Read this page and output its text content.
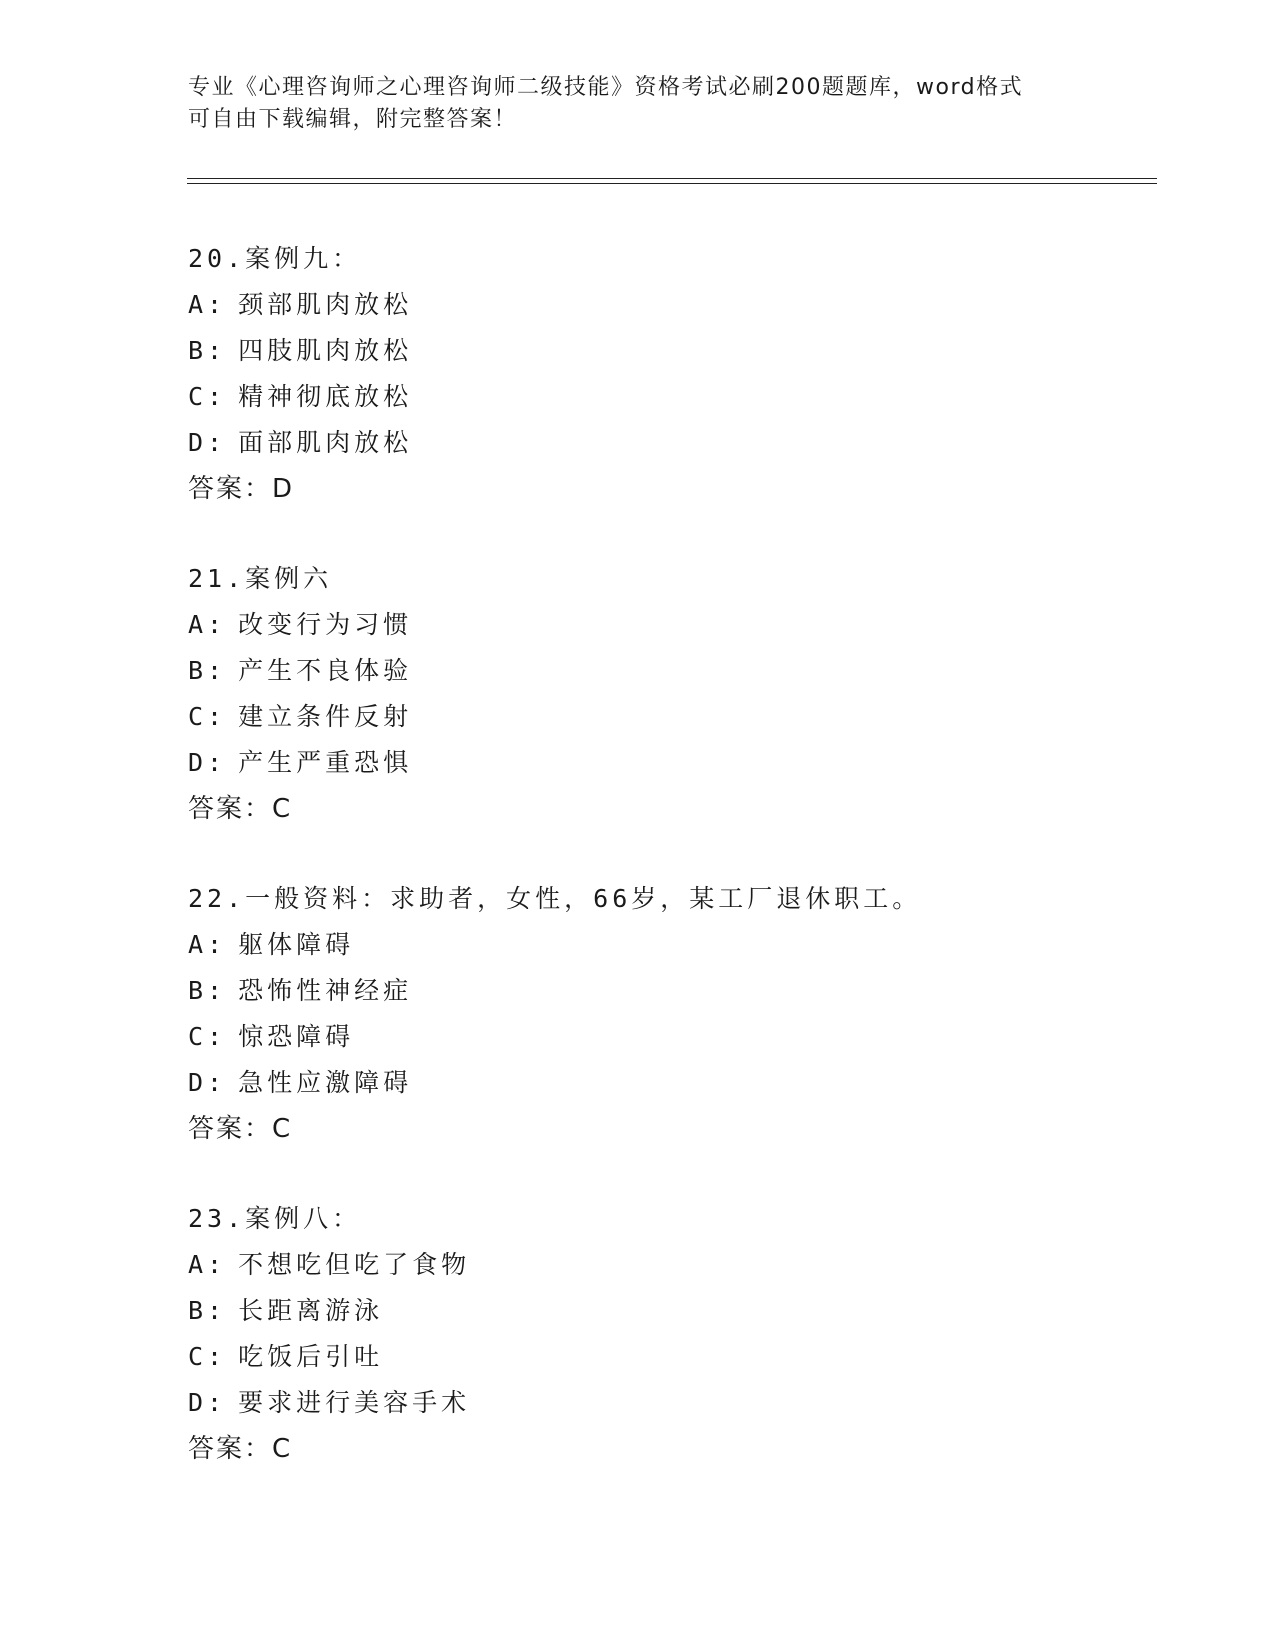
专业《心理咨询师之心理咨询师二级技能》资格考试必刷200题题库，word格式
可自由下载编辑，附完整答案！
20.案例九：
A: 颈部肌肉放松
B: 四肢肌肉放松
C: 精神彻底放松
D: 面部肌肉放松
答案：D
21.案例六
A: 改变行为习惯
B: 产生不良体验
C: 建立条件反射
D: 产生严重恐惧
答案：C
22.一般资料：求助者，女性，66岁，某工厂退休职工。
A: 躯体障碍
B: 恐怖性神经症
C: 惊恐障碍
D: 急性应激障碍
答案：C
23.案例八：
A: 不想吃但吃了食物
B: 长距离游泳
C: 吃饭后引吐
D: 要求进行美容手术
答案：C
